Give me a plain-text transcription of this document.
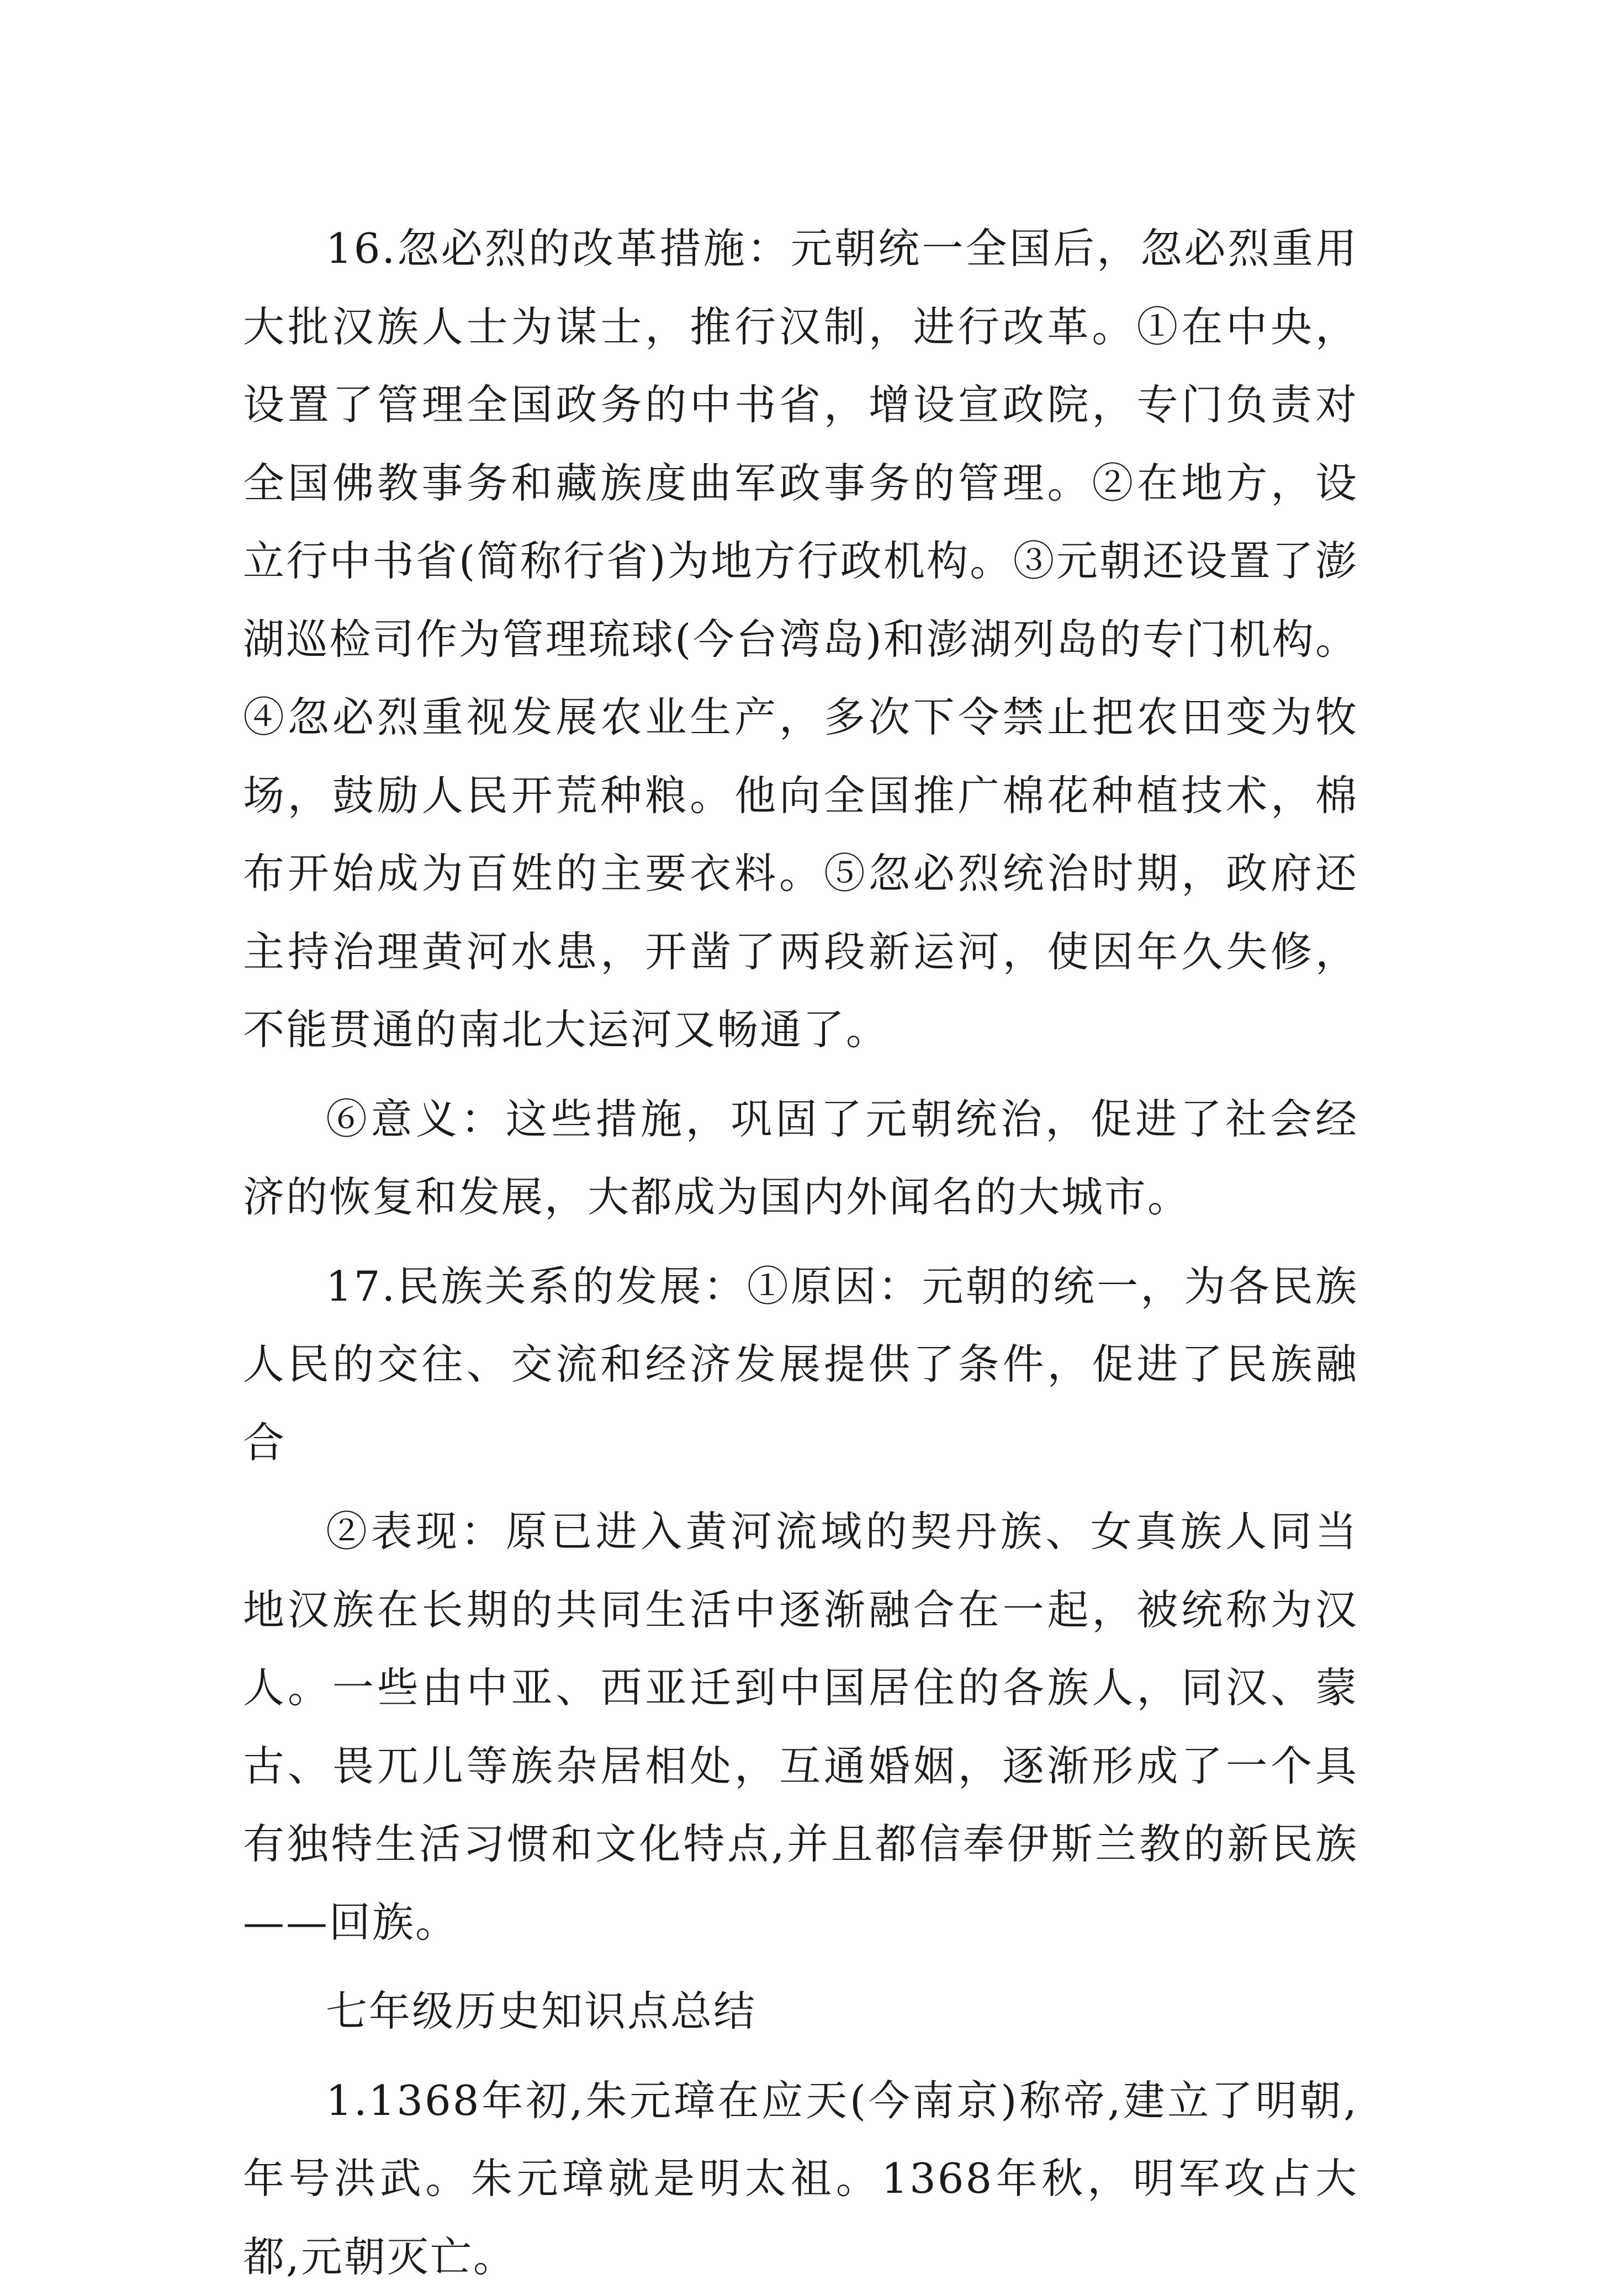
16.忽必烈的改革措施：元朝统一全国后，忽必烈重用大批汉族人士为谋士，推行汉制，进行改革。①在中央，设置了管理全国政务的中书省，增设宣政院，专门负责对全国佛教事务和藏族度曲军政事务的管理。②在地方，设立行中书省(简称行省)为地方行政机构。③元朝还设置了澎湖巡检司作为管理琉球(今台湾岛)和澎湖列岛的专门机构。④忽必烈重视发展农业生产，多次下令禁止把农田变为牧场，鼓励人民开荒种粮。他向全国推广棉花种植技术，棉布开始成为百姓的主要衣料。⑤忽必烈统治时期，政府还主持治理黄河水患，开凿了两段新运河，使因年久失修，不能贯通的南北大运河又畅通了。

⑥意义：这些措施，巩固了元朝统治，促进了社会经济的恢复和发展，大都成为国内外闻名的大城市。

17.民族关系的发展：①原因：元朝的统一，为各民族人民的交往、交流和经济发展提供了条件，促进了民族融合

②表现：原已进入黄河流域的契丹族、女真族人同当地汉族在长期的共同生活中逐渐融合在一起，被统称为汉人。一些由中亚、西亚迁到中国居住的各族人，同汉、蒙古、畏兀儿等族杂居相处，互通婚姻，逐渐形成了一个具有独特生活习惯和文化特点,并且都信奉伊斯兰教的新民族——回族。

七年级历史知识点总结

1.1368年初,朱元璋在应天(今南京)称帝,建立了明朝,年号洪武。朱元璋就是明太祖。1368年秋，明军攻占大都,元朝灭亡。
